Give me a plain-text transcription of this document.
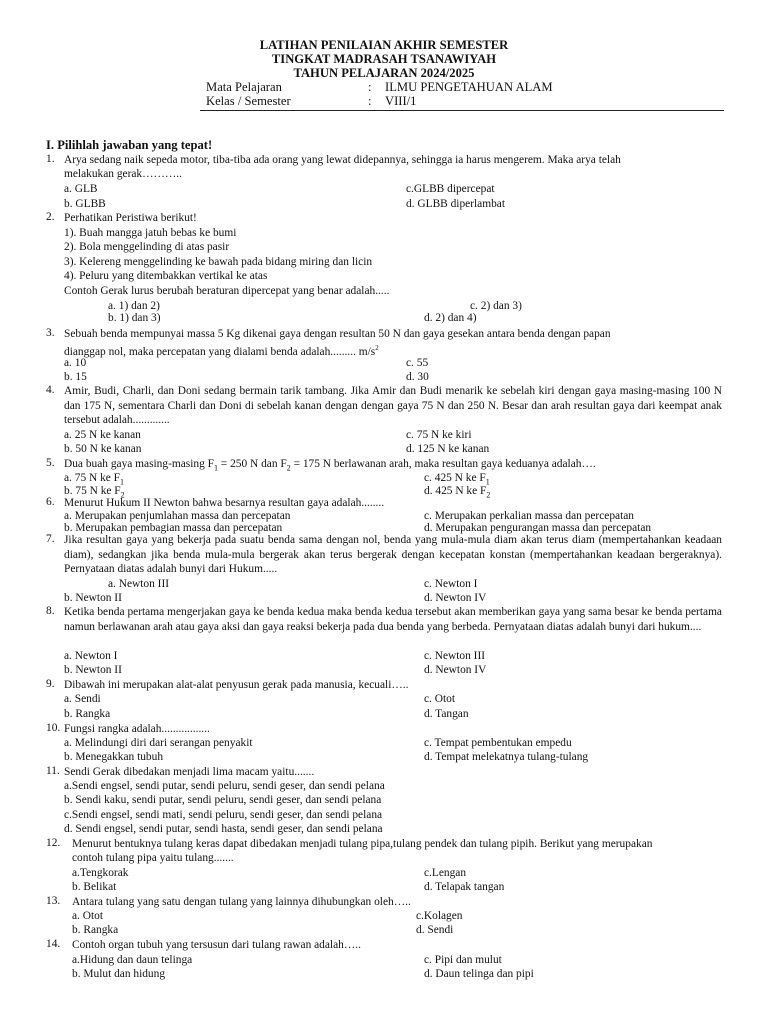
LATIHAN PENILAIAN AKHIR SEMESTER
TINGKAT MADRASAH TSANAWIYAH
TAHUN PELAJARAN 2024/2025
Mata Pelajaran	: ILMU PENGETAHUAN ALAM
Kelas / Semester	: VIII/1
I. Pilihlah jawaban yang tepat!
1. Arya sedang naik sepeda motor, tiba-tiba ada orang yang lewat didepannya, sehingga ia harus mengerem. Maka arya telah
melakukan gerak………..
a. GLB	c.GLBB dipercepat
b. GLBB	d. GLBB diperlambat
2. Perhatikan Peristiwa berikut!
1). Buah mangga jatuh bebas ke bumi
2). Bola menggelinding di atas pasir
3). Kelereng menggelinding ke bawah pada bidang miring dan licin
4). Peluru yang ditembakkan vertikal ke atas
Contoh Gerak lurus berubah beraturan dipercepat yang benar adalah.....
a. 1) dan 2)	c. 2) dan 3)
b. 1) dan 3)	d. 2) dan 4)
3. Sebuah benda mempunyai massa 5 Kg dikenai gaya dengan resultan 50 N dan gaya gesekan antara benda dengan papan
dianggap nol, maka percepatan yang dialami benda adalah......... $m/s^2$
a. 10	c. 55
b. 15	d. 30
4. Amir, Budi, Charli, dan Doni sedang bermain tarik tambang. Jika Amir dan Budi menarik ke sebelah kiri dengan gaya masing-masing 100 N dan 175 N, sementara Charli dan Doni di sebelah kanan dengan dengan gaya 75 N dan 250 N. Besar dan arah resultan gaya dari keempat anak tersebut adalah.............
a. 25 N ke kanan	c. 75 N ke kiri
b. 50 N ke kanan	d. 125 N ke kanan
5. Dua buah gaya masing-masing $F_1 = 250$ N dan $F_2 = 175$ N berlawanan arah, maka resultan gaya keduanya adalah….
a. 75 N ke $F_1$	c. 425 N ke $F_1$
b. 75 N ke $F_2$	d. 425 N ke $F_2$
6. Menurut Hukum II Newton bahwa besarnya resultan gaya adalah........
a. Merupakan penjumlahan massa dan percepatan	c. Merupakan perkalian massa dan percepatan
b. Merupakan pembagian massa dan percepatan	d. Merupakan pengurangan massa dan percepatan
7. Jika resultan gaya yang bekerja pada suatu benda sama dengan nol, benda yang mula-mula diam akan terus diam (mempertahankan keadaan diam), sedangkan jika benda mula-mula bergerak akan terus bergerak dengan kecepatan konstan (mempertahankan keadaan bergeraknya). Pernyataan diatas adalah bunyi dari Hukum.....
a. Newton III	c. Newton I
b. Newton II	d. Newton IV
8. Ketika benda pertama mengerjakan gaya ke benda kedua maka benda kedua tersebut akan memberikan gaya yang sama besar ke benda pertama namun berlawanan arah atau gaya aksi dan gaya reaksi bekerja pada dua benda yang berbeda. Pernyataan diatas adalah bunyi dari hukum....
a. Newton I	c. Newton III
b. Newton II	d. Newton IV
9. Dibawah ini merupakan alat-alat penyusun gerak pada manusia, kecuali…..
a. Sendi	c. Otot
b. Rangka	d. Tangan
10. Fungsi rangka adalah.................
a. Melindungi diri dari serangan penyakit	c. Tempat pembentukan empedu
b. Menegakkan tubuh	d. Tempat melekatnya tulang-tulang
11. Sendi Gerak dibedakan menjadi lima macam yaitu.......
a.Sendi engsel, sendi putar, sendi peluru, sendi geser, dan sendi pelana
b. Sendi kaku, sendi putar, sendi peluru, sendi geser, dan sendi pelana
c.Sendi engsel, sendi mati, sendi peluru, sendi geser, dan sendi pelana
d. Sendi engsel, sendi putar, sendi hasta, sendi geser, dan sendi pelana
12. Menurut bentuknya tulang keras dapat dibedakan menjadi tulang pipa,tulang pendek dan tulang pipih. Berikut yang merupakan
contoh tulang pipa yaitu tulang.......
a.Tengkorak	c.Lengan
b. Belikat	d. Telapak tangan
13. Antara tulang yang satu dengan tulang yang lainnya dihubungkan oleh…..
a. Otot	c.Kolagen
b. Rangka	d. Sendi
14. Contoh organ tubuh yang tersusun dari tulang rawan adalah…..
a.Hidung dan daun telinga	c. Pipi dan mulut
b. Mulut dan hidung	d. Daun telinga dan pipi
